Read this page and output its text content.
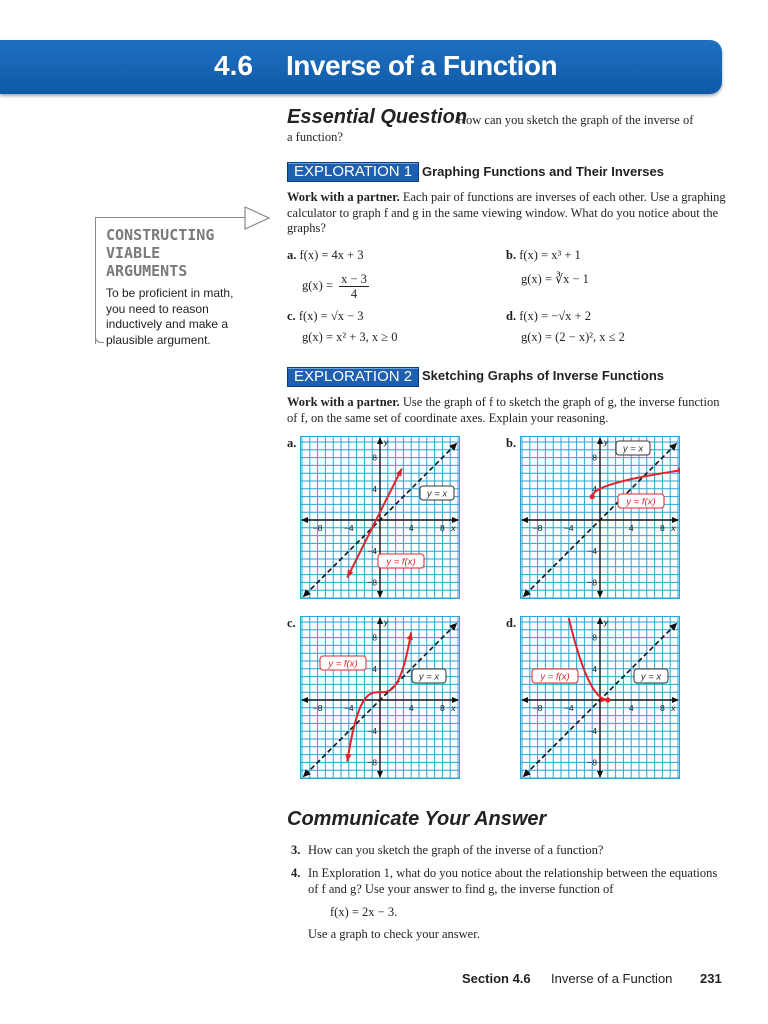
4.6 Inverse of a Function
Essential Question
How can you sketch the graph of the inverse of
a function?
CONSTRUCTING
VIABLE
ARGUMENTS
To be proficient in math, you need to reason inductively and make a plausible argument.
EXPLORATION 1 Graphing Functions and Their Inverses
Work with a partner. Each pair of functions are inverses of each other. Use a graphing calculator to graph f and g in the same viewing window. What do you notice about the graphs?
a. f(x) = 4x + 3
$g(x) = \frac{x - 3}{4}$
b. f(x) = x³ + 1
g(x) = ∛x − 1
c. f(x) = √x − 3
g(x) = x² + 3, x ≥ 0
d. f(x) = −√x + 2
g(x) = (2 − x)², x ≤ 2
EXPLORATION 2 Sketching Graphs of Inverse Functions
Work with a partner. Use the graph of f to sketch the graph of g, the inverse function of f, on the same set of coordinate axes. Explain your reasoning.
a.	b.
c.	d.
−8	−4	4	8 x
8
4
−4
−8
y
y = f(x)
y = x
−8	−4	4	8 x
8
4
−4
−8
y
y = f(x)
y = x
−8	−4	4	8 x
8
4
−4
−8
y
y = f(x)
y = x
−8	−4	4	8 x
8
4
−4
−8
y
y = f(x)	y = x
Communicate Your Answer
3. How can you sketch the graph of the inverse of a function?
4. In Exploration 1, what do you notice about the relationship between the equations of f and g? Use your answer to find g, the inverse function of
f(x) = 2x − 3.
Use a graph to check your answer.
Section 4.6 Inverse of a Function 231
